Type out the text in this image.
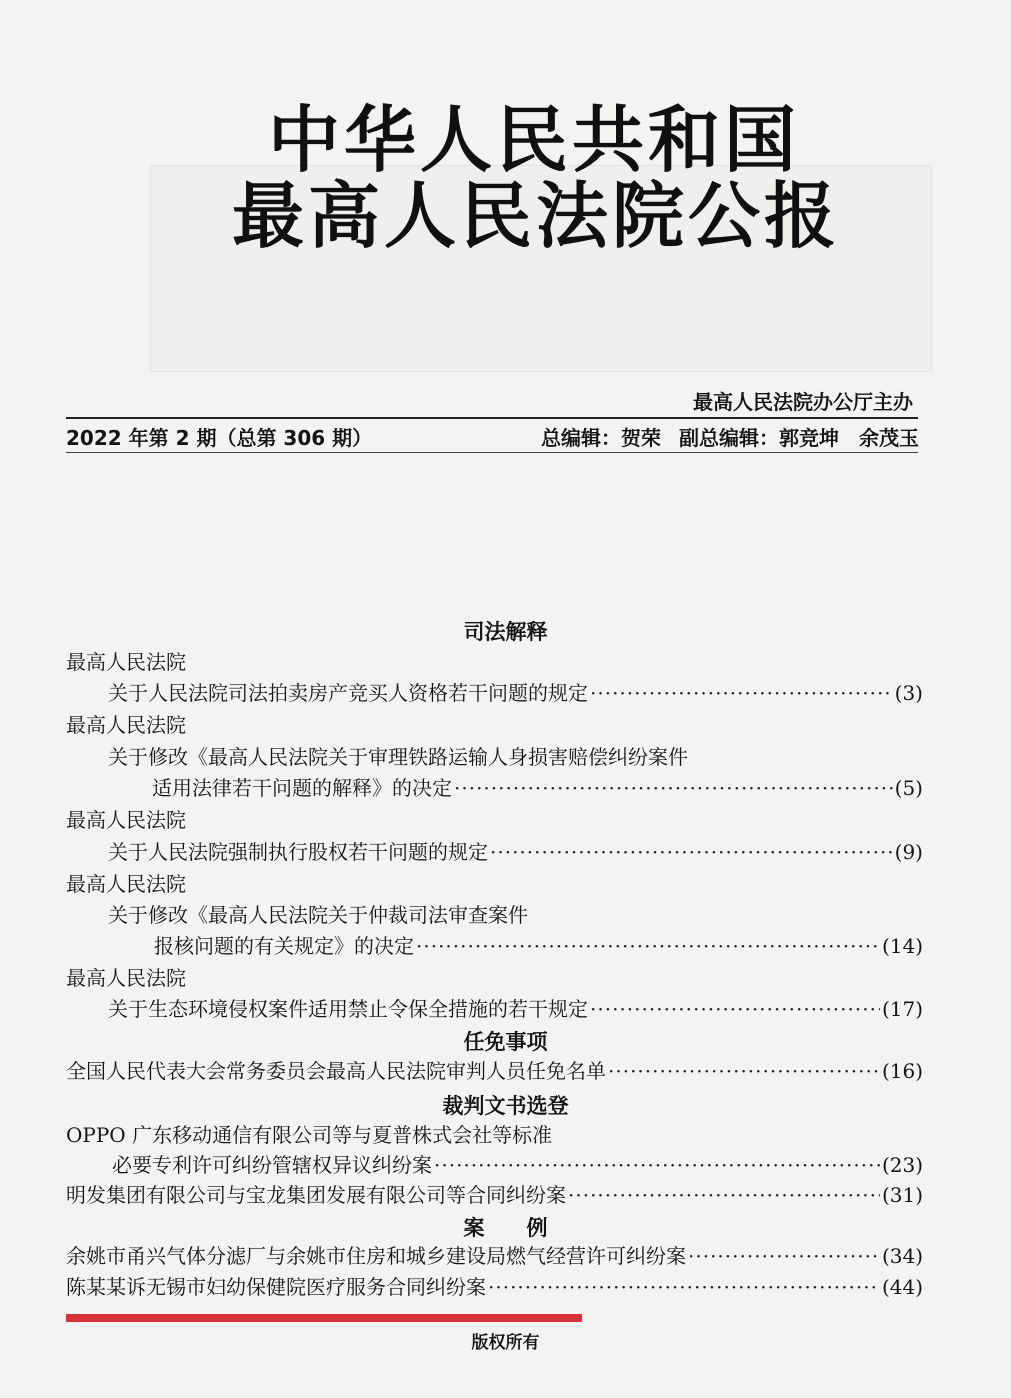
中华人民共和国
最高人民法院公报
最高人民法院办公厅主办
2022 年第 2 期（总第 306 期）	总编辑：贺荣 副总编辑：郭竞坤　余茂玉
司法解释
最高人民法院
关于人民法院司法拍卖房产竞买人资格若干问题的规定 ·····	(3)
最高人民法院
关于修改《最高人民法院关于审理铁路运输人身损害赔偿纠纷案件
适用法律若干问题的解释》的决定 ·····	(5)
最高人民法院
关于人民法院强制执行股权若干问题的规定 ·····	(9)
最高人民法院
关于修改《最高人民法院关于仲裁司法审查案件
报核问题的有关规定》的决定 ·····	(14)
最高人民法院
关于生态环境侵权案件适用禁止令保全措施的若干规定 ·····	(17)
任免事项
全国人民代表大会常务委员会最高人民法院审判人员任免名单 ·····	(16)
裁判文书选登
OPPO 广东移动通信有限公司等与夏普株式会社等标准
必要专利许可纠纷管辖权异议纠纷案 ·····	(23)
明发集团有限公司与宝龙集团发展有限公司等合同纠纷案 ·····	(31)
案　　例
余姚市甬兴气体分滤厂与余姚市住房和城乡建设局燃气经营许可纠纷案 ·····	(34)
陈某某诉无锡市妇幼保健院医疗服务合同纠纷案 ·····	(44)
版权所有
